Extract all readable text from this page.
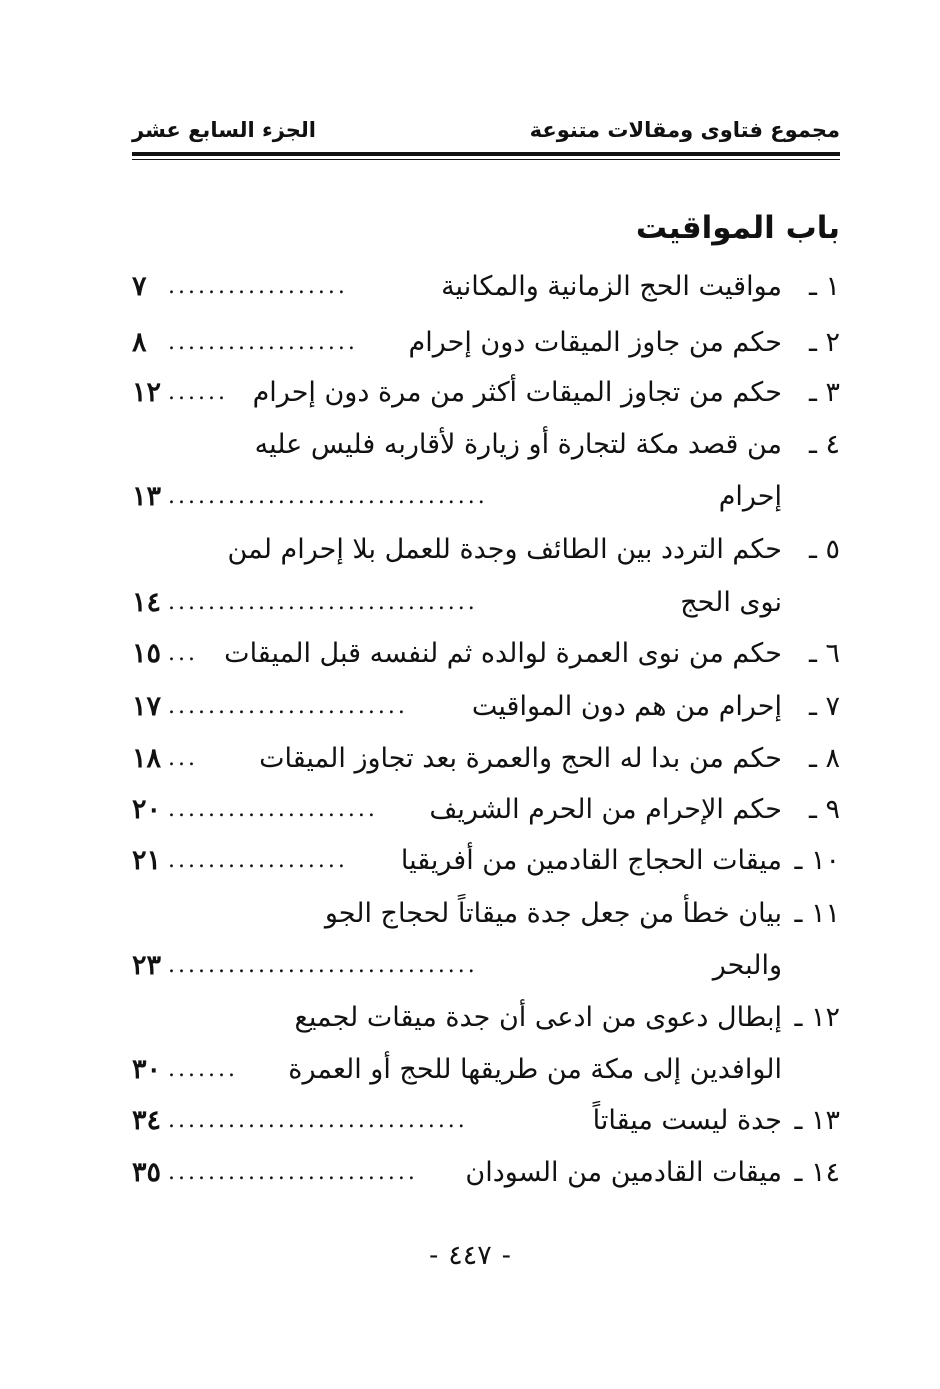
مجموع فتاوى ومقالات متنوعة
الجزء السابع عشر
باب المواقيت
١ ـ
مواقيت الحج الزمانية والمكانية
..................
٧
٢ ـ
حكم من جاوز الميقات دون إحرام
...................
٨
٣ ـ
حكم من تجاوز الميقات أكثر من مرة دون إحرام
......
١٢
٤ ـ
من قصد مكة لتجارة أو زيارة لأقاربه فليس عليه
إحرام
................................
١٣
٥ ـ
حكم التردد بين الطائف وجدة للعمل بلا إحرام لمن
نوى الحج
...............................
١٤
٦ ـ
حكم من نوى العمرة لوالده ثم لنفسه قبل الميقات
...
١٥
٧ ـ
إحرام من هم دون المواقيت
........................
١٧
٨ ـ
حكم من بدا له الحج والعمرة بعد تجاوز الميقات
...
١٨
٩ ـ
حكم الإحرام من الحرم الشريف
.....................
٢٠
١٠ ـ
ميقات الحجاج القادمين من أفريقيا
..................
٢١
١١ ـ
بيان خطأ من جعل جدة ميقاتاً لحجاج الجو
والبحر
...............................
٢٣
١٢ ـ
إبطال دعوى من ادعى أن جدة ميقات لجميع
الوافدين إلى مكة من طريقها للحج أو العمرة
.......
٣٠
١٣ ـ
جدة ليست ميقاتاً
..............................
٣٤
١٤ ـ
ميقات القادمين من السودان
.........................
٣٥
-٤٤٧-
